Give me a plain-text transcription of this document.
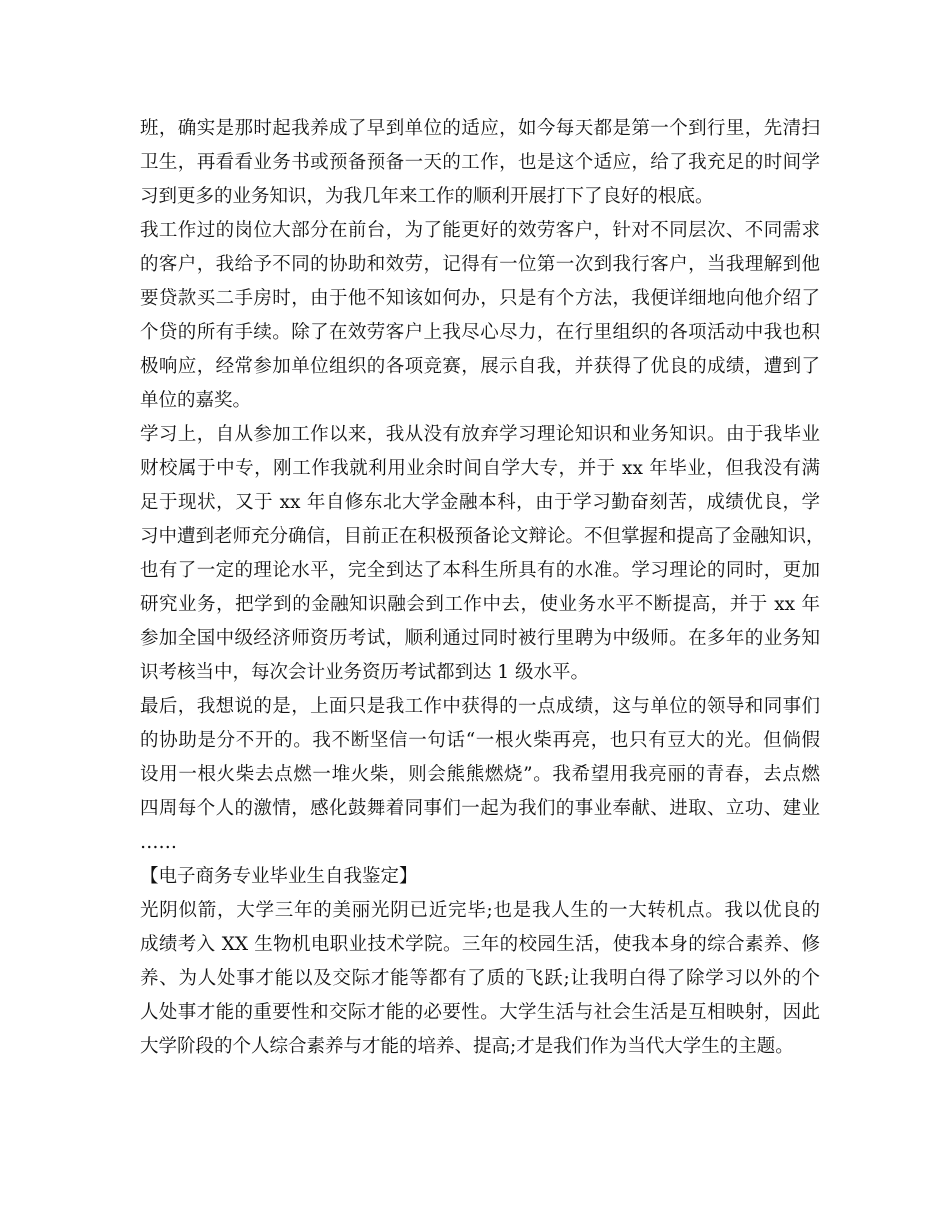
班，确实是那时起我养成了早到单位的适应，如今每天都是第一个到行里，先清扫
卫生，再看看业务书或预备预备一天的工作，也是这个适应，给了我充足的时间学
习到更多的业务知识，为我几年来工作的顺利开展打下了良好的根底。
我工作过的岗位大部分在前台，为了能更好的效劳客户，针对不同层次、不同需求
的客户，我给予不同的协助和效劳，记得有一位第一次到我行客户，当我理解到他
要贷款买二手房时，由于他不知该如何办，只是有个方法，我便详细地向他介绍了
个贷的所有手续。除了在效劳客户上我尽心尽力，在行里组织的各项活动中我也积
极响应，经常参加单位组织的各项竞赛，展示自我，并获得了优良的成绩，遭到了
单位的嘉奖。
学习上，自从参加工作以来，我从没有放弃学习理论知识和业务知识。由于我毕业
财校属于中专，刚工作我就利用业余时间自学大专，并于 xx 年毕业，但我没有满
足于现状，又于 xx 年自修东北大学金融本科，由于学习勤奋刻苦，成绩优良，学
习中遭到老师充分确信，目前正在积极预备论文辩论。不但掌握和提高了金融知识，
也有了一定的理论水平，完全到达了本科生所具有的水准。学习理论的同时，更加
研究业务，把学到的金融知识融会到工作中去，使业务水平不断提高，并于 xx 年
参加全国中级经济师资历考试，顺利通过同时被行里聘为中级师。在多年的业务知
识考核当中，每次会计业务资历考试都到达 1 级水平。
最后，我想说的是，上面只是我工作中获得的一点成绩，这与单位的领导和同事们
的协助是分不开的。我不断坚信一句话“一根火柴再亮，也只有豆大的光。但倘假
设用一根火柴去点燃一堆火柴，则会熊熊燃烧”。我希望用我亮丽的青春，去点燃
四周每个人的激情，感化鼓舞着同事们一起为我们的事业奉献、进取、立功、建业
……
【电子商务专业毕业生自我鉴定】
光阴似箭，大学三年的美丽光阴已近完毕;也是我人生的一大转机点。我以优良的
成绩考入 XX 生物机电职业技术学院。三年的校园生活，使我本身的综合素养、修
养、为人处事才能以及交际才能等都有了质的飞跃;让我明白得了除学习以外的个
人处事才能的重要性和交际才能的必要性。大学生活与社会生活是互相映射，因此
大学阶段的个人综合素养与才能的培养、提高;才是我们作为当代大学生的主题。
